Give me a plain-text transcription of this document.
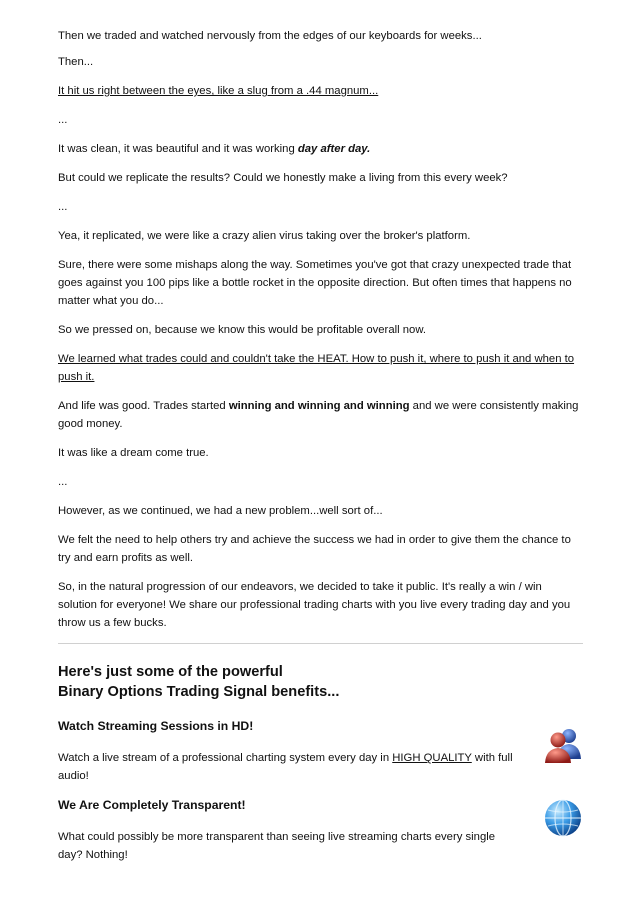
Then we traded and watched nervously from the edges of our keyboards for weeks...

Then...

It hit us right between the eyes, like a slug from a .44 magnum...

...

It was clean, it was beautiful and it was working day after day.

But could we replicate the results? Could we honestly make a living from this every week?

...

Yea, it replicated, we were like a crazy alien virus taking over the broker's platform.

Sure, there were some mishaps along the way. Sometimes you've got that crazy unexpected trade that goes against you 100 pips like a bottle rocket in the opposite direction. But often times that happens no matter what you do...

So we pressed on, because we know this would be profitable overall now.

We learned what trades could and couldn't take the HEAT. How to push it, where to push it and when to push it.

And life was good. Trades started winning and winning and winning and we were consistently making good money.

It was like a dream come true.

...

However, as we continued, we had a new problem...well sort of...

We felt the need to help others try and achieve the success we had in order to give them the chance to try and earn profits as well.

So, in the natural progression of our endeavors, we decided to take it public. It's really a win / win solution for everyone! We share our professional trading charts with you live every trading day and you throw us a few bucks.

Here's just some of the powerful
Binary Options Trading Signal benefits...
Watch Streaming Sessions in HD!

Watch a live stream of a professional charting system every day in HIGH QUALITY with full audio!

We Are Completely Transparent!

What could possibly be more transparent than seeing live streaming charts every single day? Nothing!
